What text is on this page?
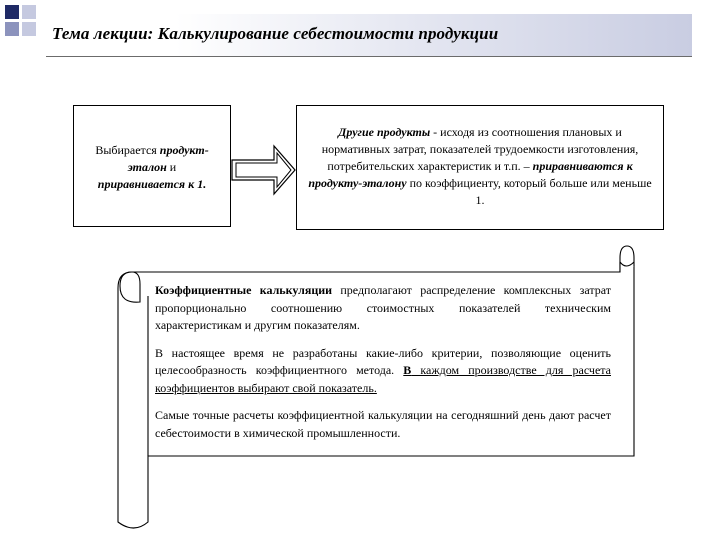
Тема лекции: Калькулирование себестоимости продукции
Выбирается продукт-
эталон и
приравнивается к 1.
Другие продукты - исходя из соотношения плановых и нормативных затрат, показателей трудоемкости изготовления, потребительских характеристик и т.п. – приравниваются к продукту-эталону по коэффициенту, который больше или меньше 1.

Коэффициентные калькуляции предполагают распределение комплексных затрат пропорционально соотношению стоимостных показателей техническим характеристикам и другим показателям.

В настоящее время не разработаны какие-либо критерии, позволяющие оценить целесообразность коэффициентного метода. В каждом производстве для расчета коэффициентов выбирают свой показатель.

Самые точные расчеты коэффициентной калькуляции на сегодняшний день дают расчет себестоимости в химической промышленности.
